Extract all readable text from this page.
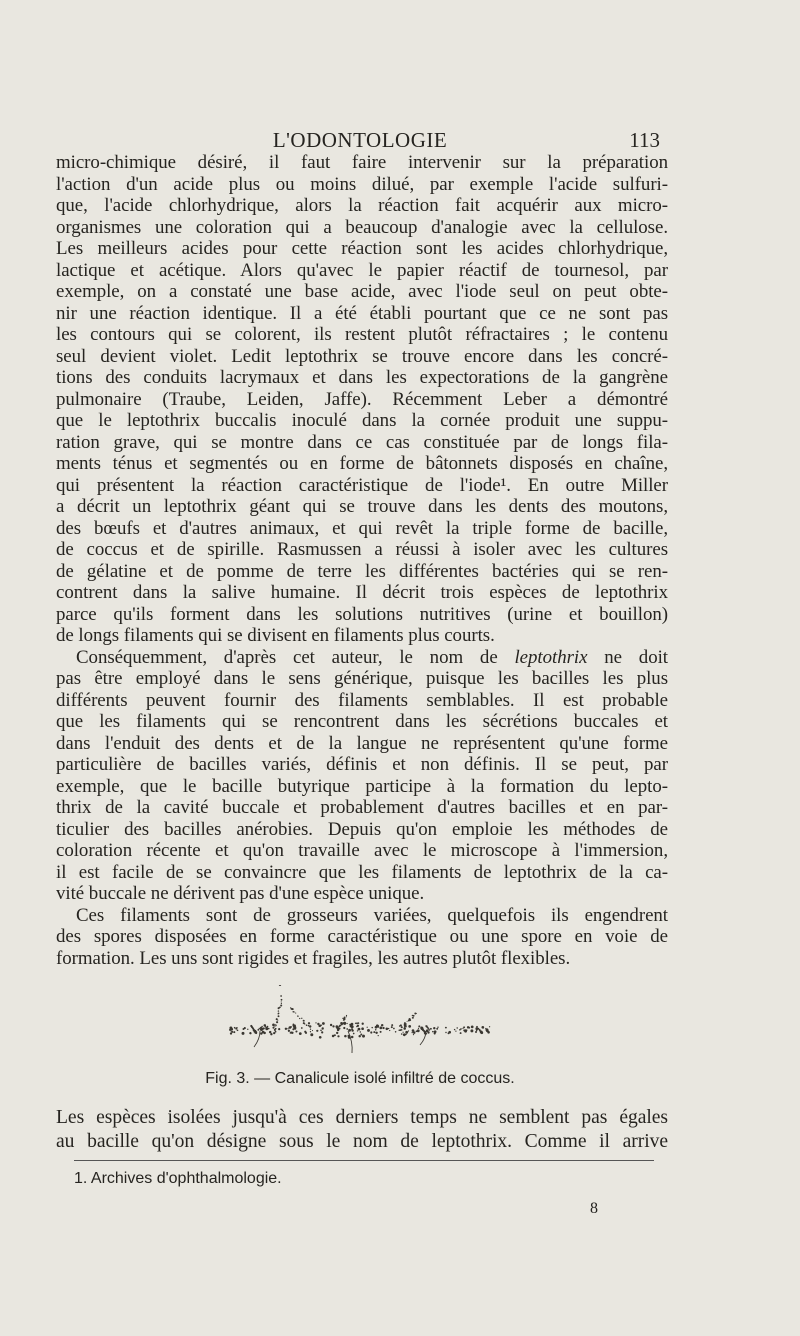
L'ODONTOLOGIE	113
micro-chimique désiré, il faut faire intervenir sur la préparation
l'action d'un acide plus ou moins dilué, par exemple l'acide sulfuri-
que, l'acide chlorhydrique, alors la réaction fait acquérir aux micro-
organismes une coloration qui a beaucoup d'analogie avec la cellulose.
Les meilleurs acides pour cette réaction sont les acides chlorhydrique,
lactique et acétique. Alors qu'avec le papier réactif de tournesol, par
exemple, on a constaté une base acide, avec l'iode seul on peut obte-
nir une réaction identique. Il a été établi pourtant que ce ne sont pas
les contours qui se colorent, ils restent plutôt réfractaires ; le contenu
seul devient violet. Ledit leptothrix se trouve encore dans les concré-
tions des conduits lacrymaux et dans les expectorations de la gangrène
pulmonaire (Traube, Leiden, Jaffe). Récemment Leber a démontré
que le leptothrix buccalis inoculé dans la cornée produit une suppu-
ration grave, qui se montre dans ce cas constituée par de longs fila-
ments ténus et segmentés ou en forme de bâtonnets disposés en chaîne,
qui présentent la réaction caractéristique de l'iode¹. En outre Miller
a décrit un leptothrix géant qui se trouve dans les dents des moutons,
des bœufs et d'autres animaux, et qui revêt la triple forme de bacille,
de coccus et de spirille. Rasmussen a réussi à isoler avec les cultures
de gélatine et de pomme de terre les différentes bactéries qui se ren-
contrent dans la salive humaine. Il décrit trois espèces de leptothrix
parce qu'ils forment dans les solutions nutritives (urine et bouillon)
de longs filaments qui se divisent en filaments plus courts.
Conséquemment, d'après cet auteur, le nom de leptothrix ne doit
pas être employé dans le sens générique, puisque les bacilles les plus
différents peuvent fournir des filaments semblables. Il est probable
que les filaments qui se rencontrent dans les sécrétions buccales et
dans l'enduit des dents et de la langue ne représentent qu'une forme
particulière de bacilles variés, définis et non définis. Il se peut, par
exemple, que le bacille butyrique participe à la formation du lepto-
thrix de la cavité buccale et probablement d'autres bacilles et en par-
ticulier des bacilles anérobies. Depuis qu'on emploie les méthodes de
coloration récente et qu'on travaille avec le microscope à l'immersion,
il est facile de se convaincre que les filaments de leptothrix de la ca-
vité buccale ne dérivent pas d'une espèce unique.
Ces filaments sont de grosseurs variées, quelquefois ils engendrent
des spores disposées en forme caractéristique ou une spore en voie de
formation. Les uns sont rigides et fragiles, les autres plutôt flexibles.
Fig. 3. — Canalicule isolé infiltré de coccus.
Les espèces isolées jusqu'à ces derniers temps ne semblent pas égales
au bacille qu'on désigne sous le nom de leptothrix. Comme il arrive
1. Archives d'ophthalmologie.
8
